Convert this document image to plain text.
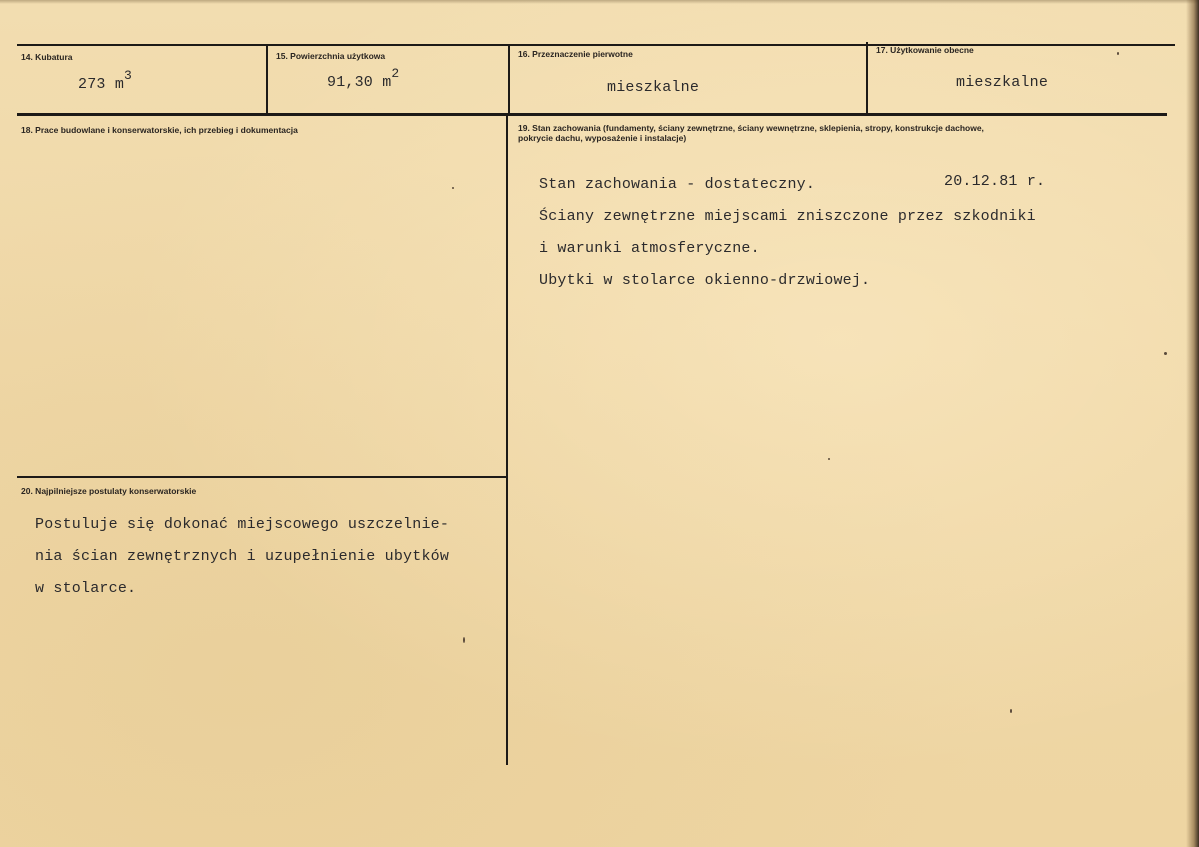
14. Kubatura
273 m3
15. Powierzchnia użytkowa
91,30 m2
16. Przeznaczenie pierwotne
mieszkalne
17. Użytkowanie obecne
mieszkalne
18. Prace budowlane i konserwatorskie, ich przebieg i dokumentacja	19. Stan zachowania (fundamenty, ściany zewnętrzne, ściany wewnętrzne, sklepienia, stropy, konstrukcje dachowe, pokrycie dachu, wyposażenie i instalacje)
20.12.81 r.
Stan zachowania - dostateczny.
Ściany zewnętrzne miejscami zniszczone przez szkodniki
i warunki atmosferyczne.
Ubytki w stolarce okienno-drzwiowej.
20. Najpilniejsze postulaty konserwatorskie
Postuluje się dokonać miejscowego uszczelnie-
nia ścian zewnętrznych i uzupełnienie ubytków
w stolarce.
